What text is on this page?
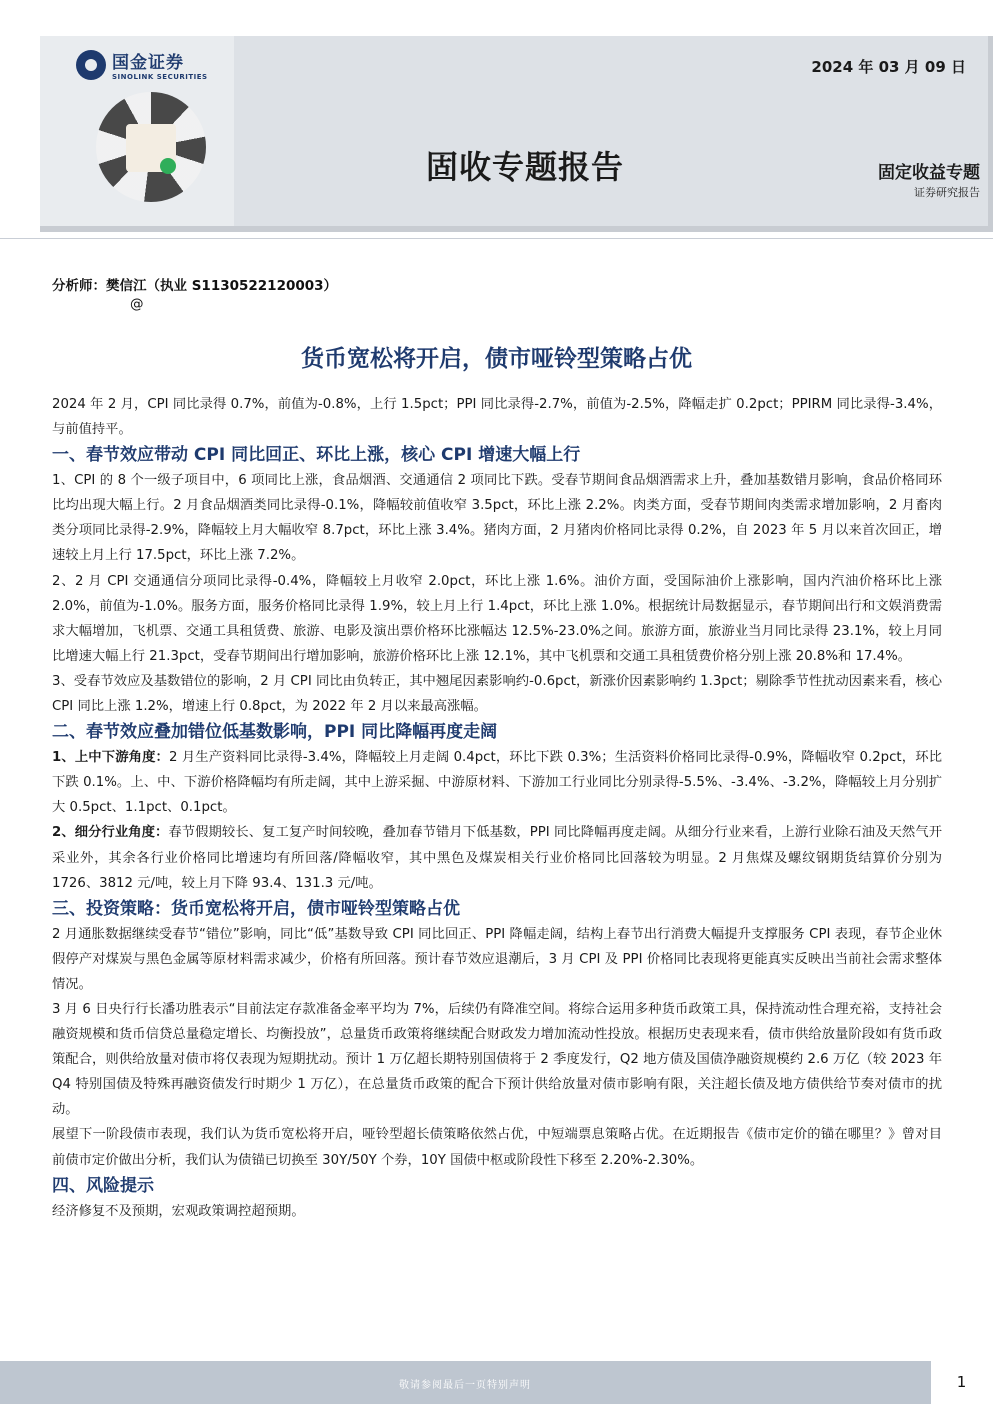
国金证券
SINOLINK SECURITIES
2024 年 03 月 09 日
固收专题报告	固定收益专题
证券研究报告
分析师：樊信江（执业 S1130522120003）
@
货币宽松将开启，债市哑铃型策略占优

2024 年 2 月，CPI 同比录得 0.7%，前值为-0.8%，上行 1.5pct；PPI 同比录得-2.7%，前值为-2.5%，降幅走扩 0.2pct；PPIRM 同比录得-3.4%，与前值持平。

一、春节效应带动 CPI 同比回正、环比上涨，核心 CPI 增速大幅上行

1、CPI 的 8 个一级子项目中，6 项同比上涨，食品烟酒、交通通信 2 项同比下跌。受春节期间食品烟酒需求上升，叠加基数错月影响，食品价格同环比均出现大幅上行。2 月食品烟酒类同比录得-0.1%，降幅较前值收窄 3.5pct，环比上涨 2.2%。肉类方面，受春节期间肉类需求增加影响，2 月畜肉类分项同比录得-2.9%，降幅较上月大幅收窄 8.7pct，环比上涨 3.4%。猪肉方面，2 月猪肉价格同比录得 0.2%，自 2023 年 5 月以来首次回正，增速较上月上行 17.5pct，环比上涨 7.2%。

2、2 月 CPI 交通通信分项同比录得-0.4%，降幅较上月收窄 2.0pct，环比上涨 1.6%。油价方面，受国际油价上涨影响，国内汽油价格环比上涨 2.0%，前值为-1.0%。服务方面，服务价格同比录得 1.9%，较上月上行 1.4pct，环比上涨 1.0%。根据统计局数据显示，春节期间出行和文娱消费需求大幅增加，飞机票、交通工具租赁费、旅游、电影及演出票价格环比涨幅达 12.5%-23.0%之间。旅游方面，旅游业当月同比录得 23.1%，较上月同比增速大幅上行 21.3pct，受春节期间出行增加影响，旅游价格环比上涨 12.1%，其中飞机票和交通工具租赁费价格分别上涨 20.8%和 17.4%。

3、受春节效应及基数错位的影响，2 月 CPI 同比由负转正，其中翘尾因素影响约-0.6pct，新涨价因素影响约 1.3pct；剔除季节性扰动因素来看，核心 CPI 同比上涨 1.2%，增速上行 0.8pct，为 2022 年 2 月以来最高涨幅。

二、春节效应叠加错位低基数影响，PPI 同比降幅再度走阔

1、上中下游角度：2 月生产资料同比录得-3.4%，降幅较上月走阔 0.4pct，环比下跌 0.3%；生活资料价格同比录得-0.9%，降幅收窄 0.2pct，环比下跌 0.1%。上、中、下游价格降幅均有所走阔，其中上游采掘、中游原材料、下游加工行业同比分别录得-5.5%、-3.4%、-3.2%，降幅较上月分别扩大 0.5pct、1.1pct、0.1pct。

2、细分行业角度：春节假期较长、复工复产时间较晚，叠加春节错月下低基数，PPI 同比降幅再度走阔。从细分行业来看，上游行业除石油及天然气开采业外，其余各行业价格同比增速均有所回落/降幅收窄，其中黑色及煤炭相关行业价格同比回落较为明显。2 月焦煤及螺纹钢期货结算价分别为 1726、3812 元/吨，较上月下降 93.4、131.3 元/吨。

三、投资策略：货币宽松将开启，债市哑铃型策略占优

2 月通胀数据继续受春节“错位”影响，同比“低”基数导致 CPI 同比回正、PPI 降幅走阔，结构上春节出行消费大幅提升支撑服务 CPI 表现，春节企业休假停产对煤炭与黑色金属等原材料需求减少，价格有所回落。预计春节效应退潮后，3 月 CPI 及 PPI 价格同比表现将更能真实反映出当前社会需求整体情况。

3 月 6 日央行行长潘功胜表示“目前法定存款准备金率平均为 7%，后续仍有降准空间。将综合运用多种货币政策工具，保持流动性合理充裕，支持社会融资规模和货币信贷总量稳定增长、均衡投放”，总量货币政策将继续配合财政发力增加流动性投放。根据历史表现来看，债市供给放量阶段如有货币政策配合，则供给放量对债市将仅表现为短期扰动。预计 1 万亿超长期特别国债将于 2 季度发行，Q2 地方债及国债净融资规模约 2.6 万亿（较 2023 年 Q4 特别国债及特殊再融资债发行时期少 1 万亿），在总量货币政策的配合下预计供给放量对债市影响有限，关注超长债及地方债供给节奏对债市的扰动。

展望下一阶段债市表现，我们认为货币宽松将开启，哑铃型超长债策略依然占优，中短端票息策略占优。在近期报告《债市定价的锚在哪里？》曾对目前债市定价做出分析，我们认为债锚已切换至 30Y/50Y 个券，10Y 国债中枢或阶段性下移至 2.20%-2.30%。

四、风险提示

经济修复不及预期，宏观政策调控超预期。

敬请参阅最后一页特别声明	1
